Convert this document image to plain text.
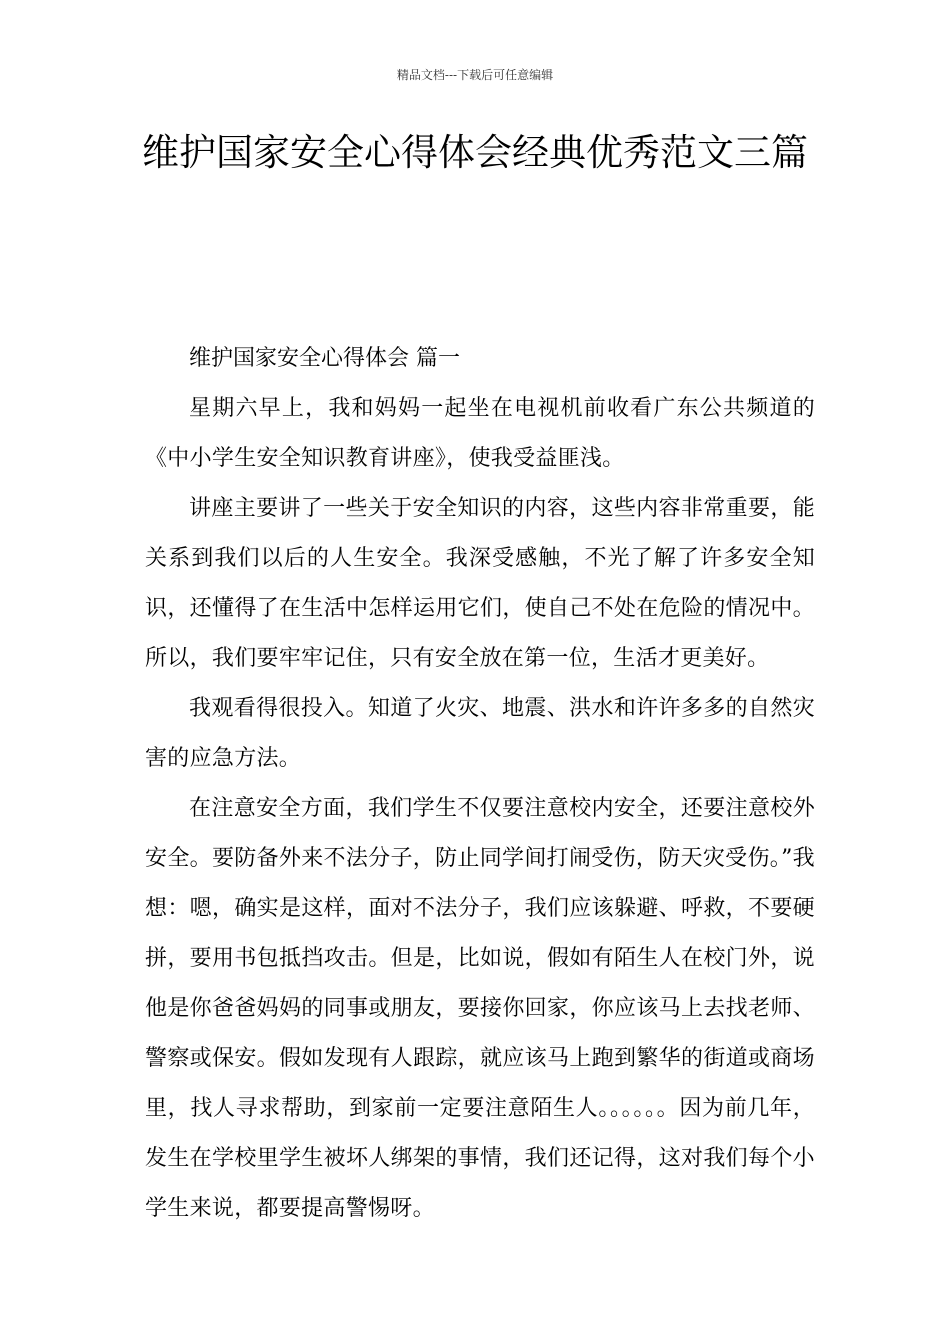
精品文档---下载后可任意编辑
维护国家安全心得体会经典优秀范文三篇
维护国家安全心得体会 篇一

星期六早上，我和妈妈一起坐在电视机前收看广东公共频道的《中小学生安全知识教育讲座》，使我受益匪浅。

讲座主要讲了一些关于安全知识的内容，这些内容非常重要，能关系到我们以后的人生安全。我深受感触，不光了解了许多安全知识，还懂得了在生活中怎样运用它们，使自己不处在危险的情况中。所以，我们要牢牢记住，只有安全放在第一位，生活才更美好。

我观看得很投入。知道了火灾、地震、洪水和许许多多的自然灾害的应急方法。

在注意安全方面，我们学生不仅要注意校内安全，还要注意校外安全。要防备外来不法分子，防止同学间打闹受伤，防天灾受伤。”我想：嗯，确实是这样，面对不法分子，我们应该躲避、呼救，不要硬拼，要用书包抵挡攻击。但是，比如说，假如有陌生人在校门外，说他是你爸爸妈妈的同事或朋友，要接你回家，你应该马上去找老师、警察或保安。假如发现有人跟踪，就应该马上跑到繁华的街道或商场里，找人寻求帮助，到家前一定要注意陌生人。。。。。。因为前几年，发生在学校里学生被坏人绑架的事情，我们还记得，这对我们每个小学生来说，都要提高警惕呀。
